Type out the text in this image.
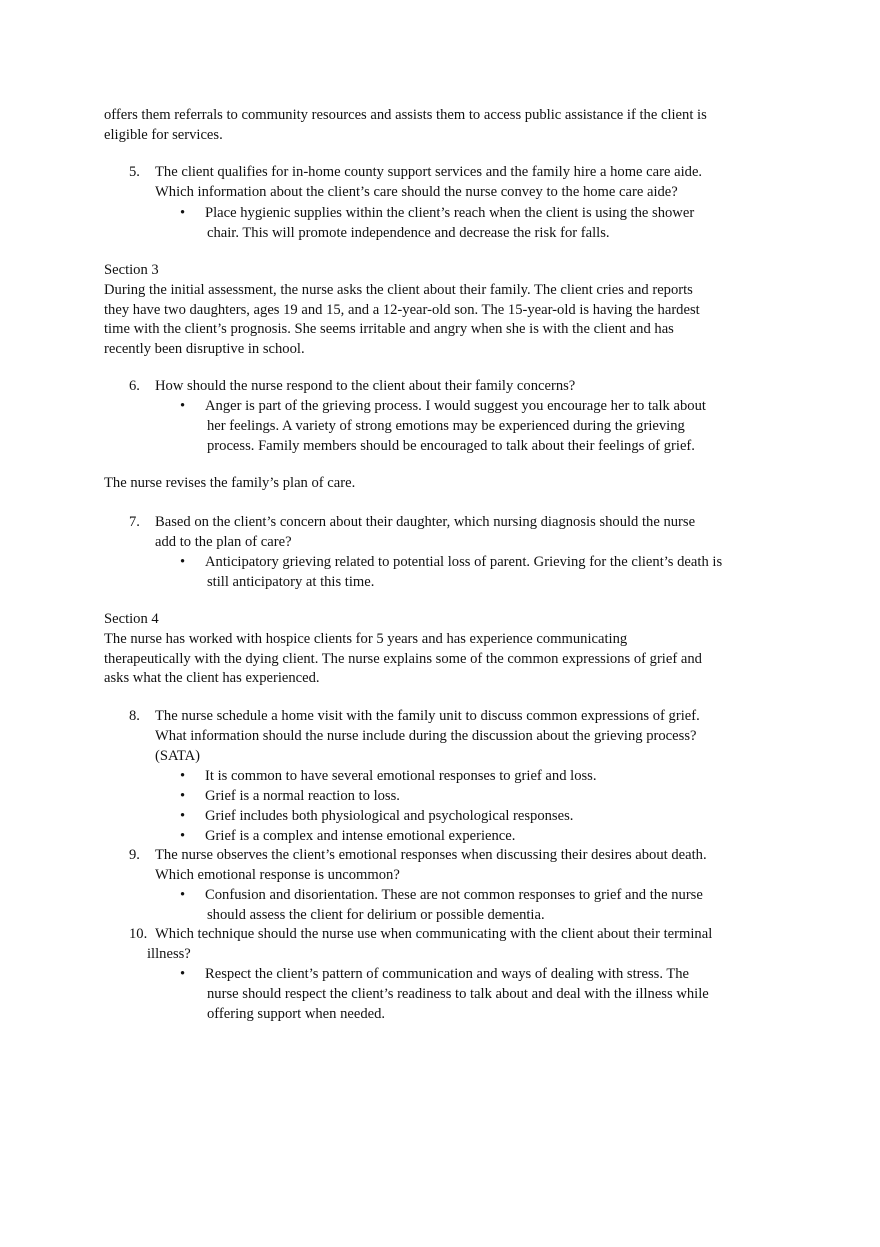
offers them referrals to community resources and assists them to access public assistance if the client is
eligible for services.
5. The client qualifies for in-home county support services and the family hire a home care aide.
Which information about the client’s care should the nurse convey to the home care aide?
• Place hygienic supplies within the client’s reach when the client is using the shower
chair. This will promote independence and decrease the risk for falls.
Section 3
During the initial assessment, the nurse asks the client about their family. The client cries and reports
they have two daughters, ages 19 and 15, and a 12-year-old son. The 15-year-old is having the hardest
time with the client’s prognosis. She seems irritable and angry when she is with the client and has
recently been disruptive in school.
6. How should the nurse respond to the client about their family concerns?
• Anger is part of the grieving process. I would suggest you encourage her to talk about
her feelings. A variety of strong emotions may be experienced during the grieving
process. Family members should be encouraged to talk about their feelings of grief.
The nurse revises the family’s plan of care.
7. Based on the client’s concern about their daughter, which nursing diagnosis should the nurse
add to the plan of care?
• Anticipatory grieving related to potential loss of parent. Grieving for the client’s death is
still anticipatory at this time.
Section 4
The nurse has worked with hospice clients for 5 years and has experience communicating
therapeutically with the dying client. The nurse explains some of the common expressions of grief and
asks what the client has experienced.
8. The nurse schedule a home visit with the family unit to discuss common expressions of grief.
What information should the nurse include during the discussion about the grieving process?
(SATA)
• It is common to have several emotional responses to grief and loss.
• Grief is a normal reaction to loss.
• Grief includes both physiological and psychological responses.
• Grief is a complex and intense emotional experience.
9. The nurse observes the client’s emotional responses when discussing their desires about death.
Which emotional response is uncommon?
• Confusion and disorientation. These are not common responses to grief and the nurse
should assess the client for delirium or possible dementia.
10. Which technique should the nurse use when communicating with the client about their terminal
illness?
• Respect the client’s pattern of communication and ways of dealing with stress. The
nurse should respect the client’s readiness to talk about and deal with the illness while
offering support when needed.
